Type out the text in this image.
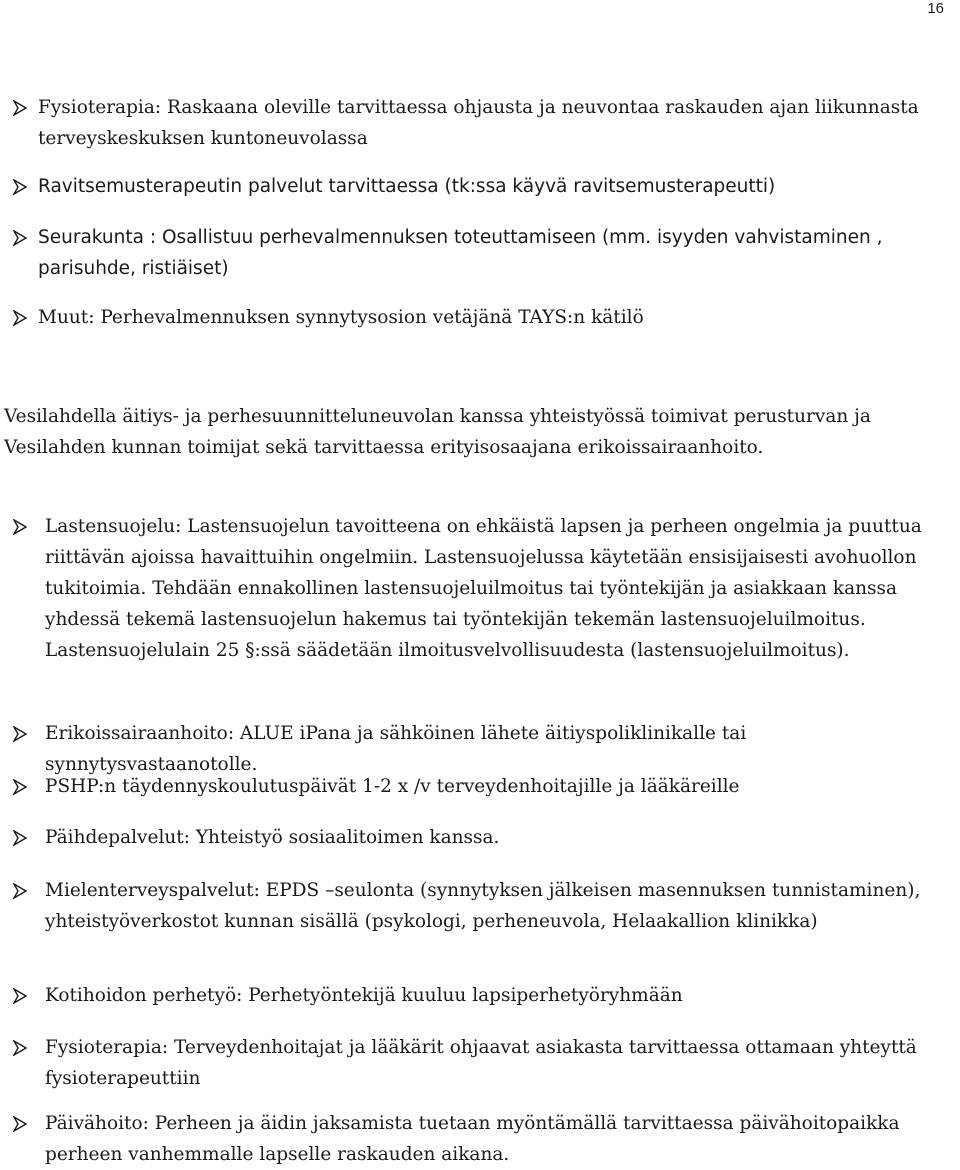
16
Fysioterapia: Raskaana oleville tarvittaessa ohjausta ja neuvontaa raskauden ajan liikunnasta terveyskeskuksen kuntoneuvolassa
Ravitsemusterapeutin palvelut tarvittaessa (tk:ssa käyvä ravitsemusterapeutti)
Seurakunta : Osallistuu perhevalmennuksen toteuttamiseen (mm. isyyden vahvistaminen , parisuhde, ristiäiset)
Muut: Perhevalmennuksen synnytysosion vetäjänä TAYS:n kätilö
Vesilahdella äitiys- ja perhesuunnitteluneuvolan kanssa yhteistyössä toimivat perusturvan ja Vesilahden kunnan toimijat sekä tarvittaessa erityisosaajana erikoissairaanhoito.
Lastensuojelu: Lastensuojelun tavoitteena on ehkäistä lapsen ja perheen ongelmia ja puuttua riittävän ajoissa havaittuihin ongelmiin. Lastensuojelussa käytetään ensisijaisesti avohuollon tukitoimia. Tehdään ennakollinen lastensuojeluilmoitus tai työntekijän ja asiakkaan kanssa yhdessä tekemä lastensuojelun hakemus tai työntekijän tekemän lastensuojeluilmoitus. Lastensuojelulain 25 §:ssä säädetään ilmoitusvelvollisuudesta (lastensuojeluilmoitus).
Erikoissairaanhoito: ALUE iPana ja sähköinen lähete äitiyspoliklinikalle tai synnytysvastaanotolle.
PSHP:n täydennyskoulutuspäivät 1-2 x /v terveydenhoitajille ja lääkäreille
Päihdepalvelut: Yhteistyö sosiaalitoimen kanssa.
Mielenterveyspalvelut: EPDS –seulonta (synnytyksen jälkeisen masennuksen tunnistaminen), yhteistyöverkostot kunnan sisällä (psykologi, perheneuvola, Helaakallion klinikka)
Kotihoidon perhetyö: Perhetyöntekijä kuuluu lapsiperhetyöryhmään
Fysioterapia: Terveydenhoitajat ja lääkärit ohjaavat asiakasta tarvittaessa ottamaan yhteyttä fysioterapeuttiin
Päivähoito: Perheen ja äidin jaksamista tuetaan myöntämällä tarvittaessa päivähoitopaikka perheen vanhemmalle lapselle raskauden aikana.
